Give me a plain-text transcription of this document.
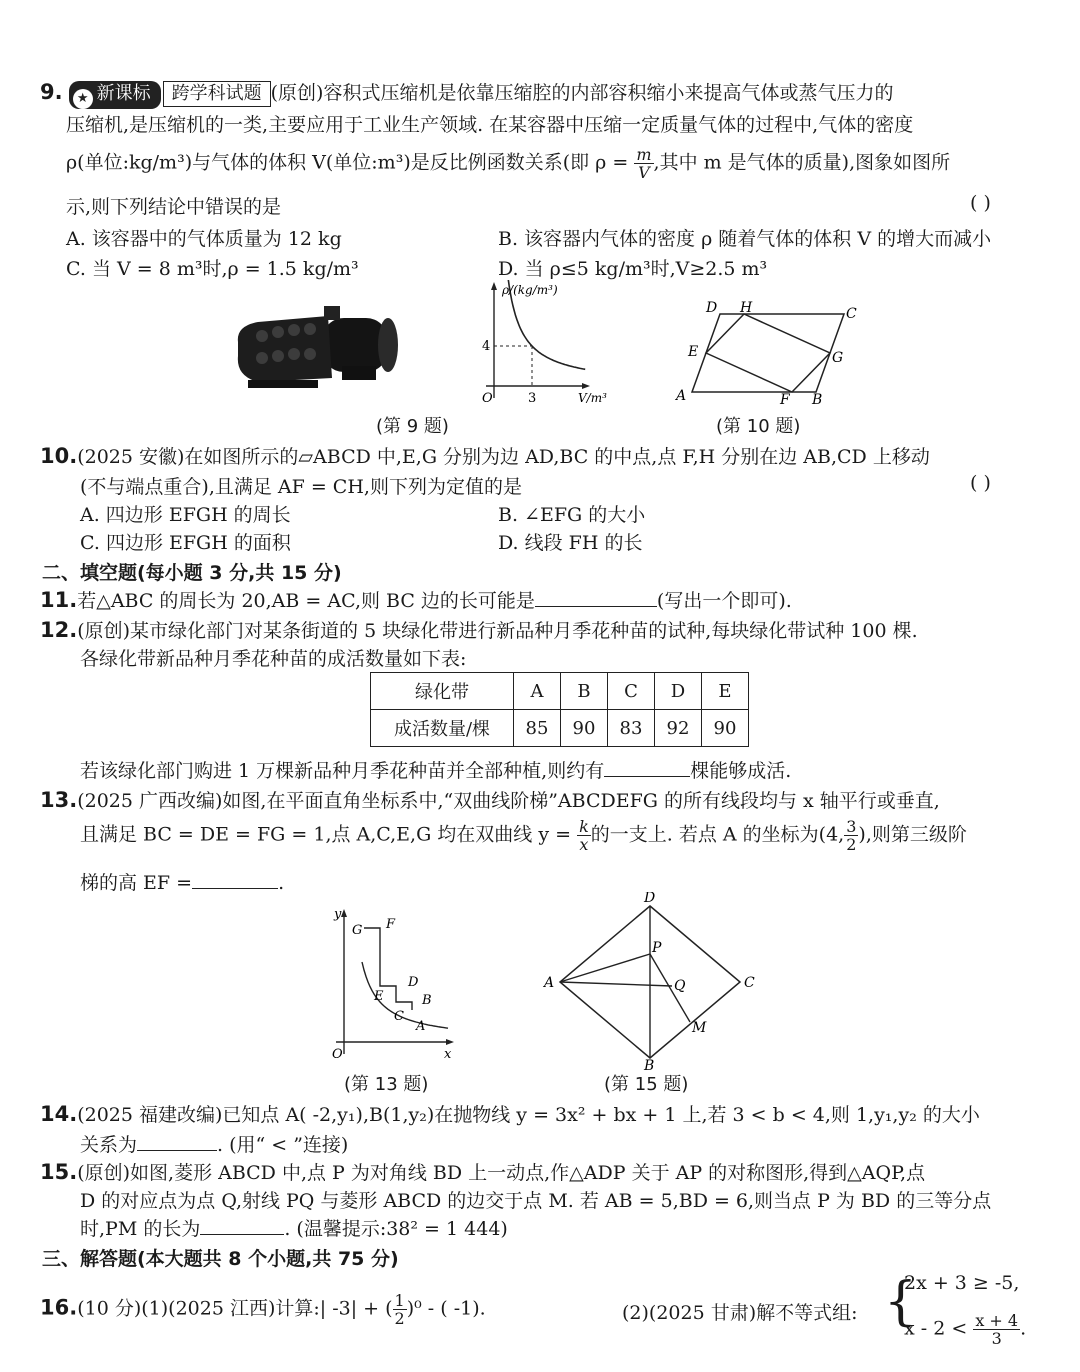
9. ★ 新课标 跨学科试题 (原创)容积式压缩机是依靠压缩腔的内部容积缩小来提高气体或蒸气压力的
压缩机,是压缩机的一类,主要应用于工业生产领域. 在某容器中压缩一定质量气体的过程中,气体的密度
ρ(单位:kg/m³)与气体的体积 V(单位:m³)是反比例函数关系(即 $\rho = \frac{m}{V}$ ,其中 m 是气体的质量),图象如图所
示,则下列结论中错误的是	( )
A. 该容器中的气体质量为 12 kg	B. 该容器内气体的密度 ρ 随着气体的体积 V 的增大而减小
C. 当 V = 8 m³时,ρ = 1.5 kg/m³	D. 当 ρ≤5 kg/m³时,V≥2.5 m³
ρ/(kg/m³)
V/m³
O
4
3
D H	C
E	G
A	F B
(第 9 题)	(第 10 题)
10.(2025 安徽)在如图所示的▱ABCD 中,E,G 分别为边 AD,BC 的中点,点 F,H 分别在边 AB,CD 上移动
(不与端点重合),且满足 AF = CH,则下列为定值的是	( )
A. 四边形 EFGH 的周长	B. ∠EFG 的大小
C. 四边形 EFGH 的面积	D. 线段 FH 的长
二、填空题(每小题 3 分,共 15 分)
11.若△ABC 的周长为 20,AB = AC,则 BC 边的长可能是	(写出一个即可).
12.(原创)某市绿化部门对某条街道的 5 块绿化带进行新品种月季花种苗的试种,每块绿化带试种 100 棵.
各绿化带新品种月季花种苗的成活数量如下表:
绿化带	A	B	C	D	E
成活数量/棵	85	90	83	92	90
若该绿化部门购进 1 万棵新品种月季花种苗并全部种植,则约有	棵能够成活.
13.(2025 广西改编)如图,在平面直角坐标系中,“双曲线阶梯”ABCDEFG 的所有线段均与 x 轴平行或垂直,
且满足 BC = DE = FG = 1,点 A,C,E,G 均在双曲线 $y = \frac{k}{x}$ 的一支上. 若点 A 的坐标为(4, $\frac{3}{2}$ ),则第三级阶
梯的高 EF =	.
y
x
O
G F
E
D
C
B
A
D
P
A	Q	C
M
B
(第 13 题)	(第 15 题)
14.(2025 福建改编)已知点 A( -2,y₁),B(1,y₂)在抛物线 y = 3x² + bx + 1 上,若 3 < b < 4,则 1,y₁,y₂ 的大小
关系为	. (用“ < ”连接)
15.(原创)如图,菱形 ABCD 中,点 P 为对角线 BD 上一动点,作△ADP 关于 AP 的对称图形,得到△AQP,点
D 的对应点为点 Q,射线 PQ 与菱形 ABCD 的边交于点 M. 若 AB = 5,BD = 6,则当点 P 为 BD 的三等分点
时,PM 的长为	. (温馨提示:38² = 1 444)
三、解答题(本大题共 8 个小题,共 75 分)
16.(10 分)(1)(2025 江西)计算:| -3| + ( $\frac{1}{2} )^0$ - ( -1).	(2)(2025 甘肃)解不等式组: {
2x + 3 ≥ -5,
$x - 2 < \frac{x + 4}{3}$ .
